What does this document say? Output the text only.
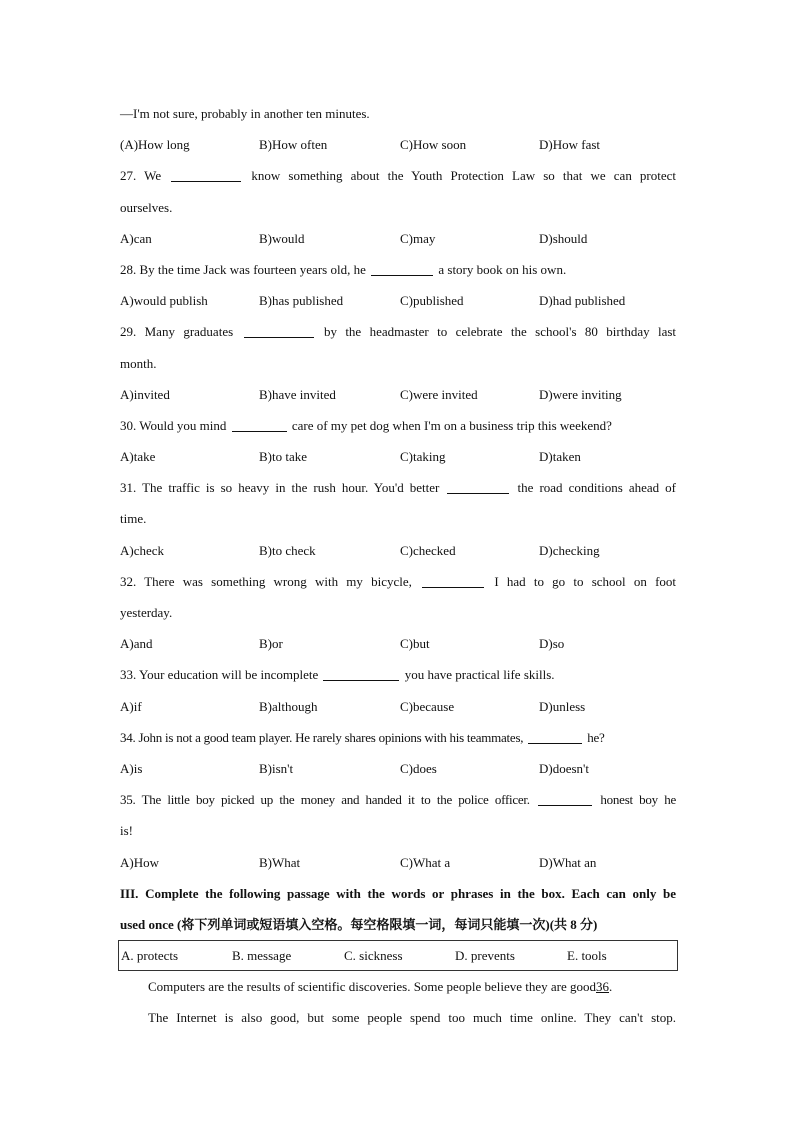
—I'm not sure, probably in another ten minutes.
(A)How long	B)How often	C)How soon	D)How fast
27. We	know something about the Youth Protection Law so that we can protect
ourselves.
A)can	B)would	C)may	D)should
28. By the time Jack was fourteen years old, he	a story book on his own.
A)would publish	B)has published	C)published	D)had published
29. Many graduates	by the headmaster to celebrate the school's 80 birthday last
month.
A)invited	B)have invited	C)were invited	D)were inviting
30. Would you mind	care of my pet dog when I'm on a business trip this weekend?
A)take	B)to take	C)taking	D)taken
31. The traffic is so heavy in the rush hour. You'd better	the road conditions ahead of
time.
A)check	B)to check	C)checked	D)checking
32. There was something wrong with my bicycle,	I had to go to school on foot
yesterday.
A)and	B)or	C)but	D)so
33. Your education will be incomplete	you have practical life skills.
A)if	B)although	C)because	D)unless
34. John is not a good team player. He rarely shares opinions with his teammates,	he?
A)is	B)isn't	C)does	D)doesn't
35. The little boy picked up the money and handed it to the police officer.	honest boy he
is!
A)How	B)What	C)What a	D)What an
III. Complete the following passage with the words or phrases in the box. Each can only be
used once (将下列单词或短语填入空格。每空格限填一词，每词只能填一次)(共 8 分)
A. protects	B. message	C. sickness	D. prevents	E. tools
Computers are the results of scientific discoveries. Some people believe they are good36.
The Internet is also good, but some people spend too much time online. They can't stop.
